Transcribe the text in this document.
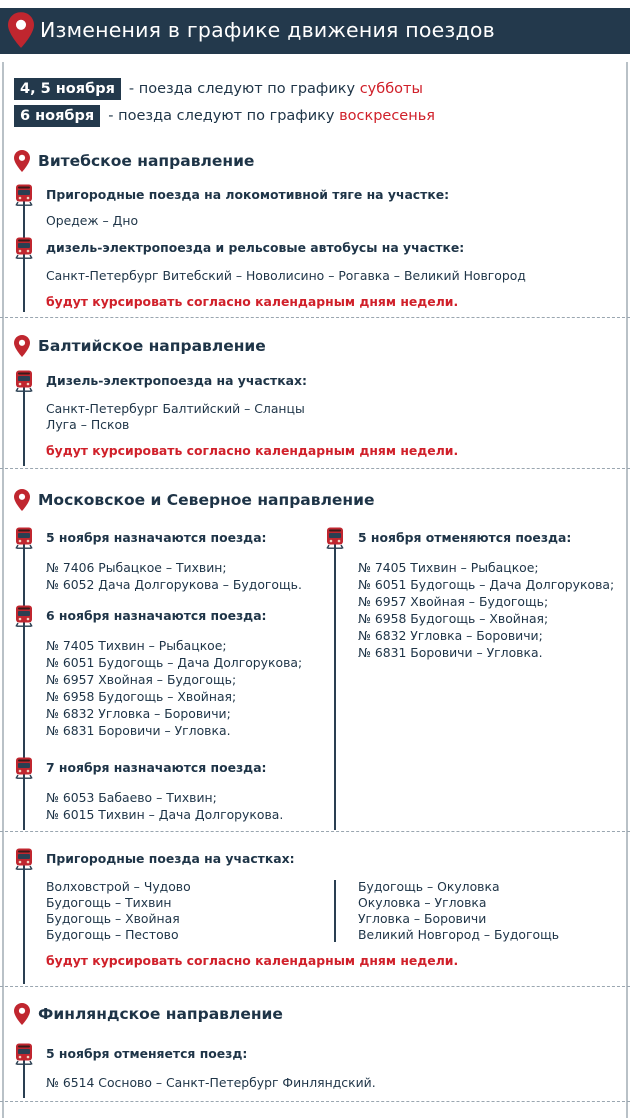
Изменения в графике движения поездов
4, 5 ноября - поезда следуют по графику субботы
6 ноября - поезда следуют по графику воскресенья
Витебское направление
Пригородные поезда на локомотивной тяге на участке:
Оредеж – Дно
дизель-электропоезда и рельсовые автобусы на участке:
Санкт-Петербург Витебский – Новолисино – Рогавка – Великий Новгород
будут курсировать согласно календарным дням недели.
Балтийское направление
Дизель-электропоезда на участках:
Санкт-Петербург Балтийский – Сланцы
Луга – Псков
будут курсировать согласно календарным дням недели.
Московское и Северное направление
5 ноября назначаются поезда:
№ 7406 Рыбацкое – Тихвин;
№ 6052 Дача Долгорукова – Будогощь.
6 ноября назначаются поезда:
№ 7405 Тихвин – Рыбацкое;
№ 6051 Будогощь – Дача Долгорукова;
№ 6957 Хвойная – Будогощь;
№ 6958 Будогощь – Хвойная;
№ 6832 Угловка – Боровичи;
№ 6831 Боровичи – Угловка.
7 ноября назначаются поезда:
№ 6053 Бабаево – Тихвин;
№ 6015 Тихвин – Дача Долгорукова.
5 ноября отменяются поезда:
№ 7405 Тихвин – Рыбацкое;
№ 6051 Будогощь – Дача Долгорукова;
№ 6957 Хвойная – Будогощь;
№ 6958 Будогощь – Хвойная;
№ 6832 Угловка – Боровичи;
№ 6831 Боровичи – Угловка.
Пригородные поезда на участках:
Волховстрой – Чудово
Будогощь – Тихвин
Будогощь – Хвойная
Будогощь – Пестово
Будогощь – Окуловка
Окуловка – Угловка
Угловка – Боровичи
Великий Новгород – Будогощь
будут курсировать согласно календарным дням недели.
Финляндское направление
5 ноября отменяется поезд:
№ 6514 Сосново – Санкт-Петербург Финляндский.
